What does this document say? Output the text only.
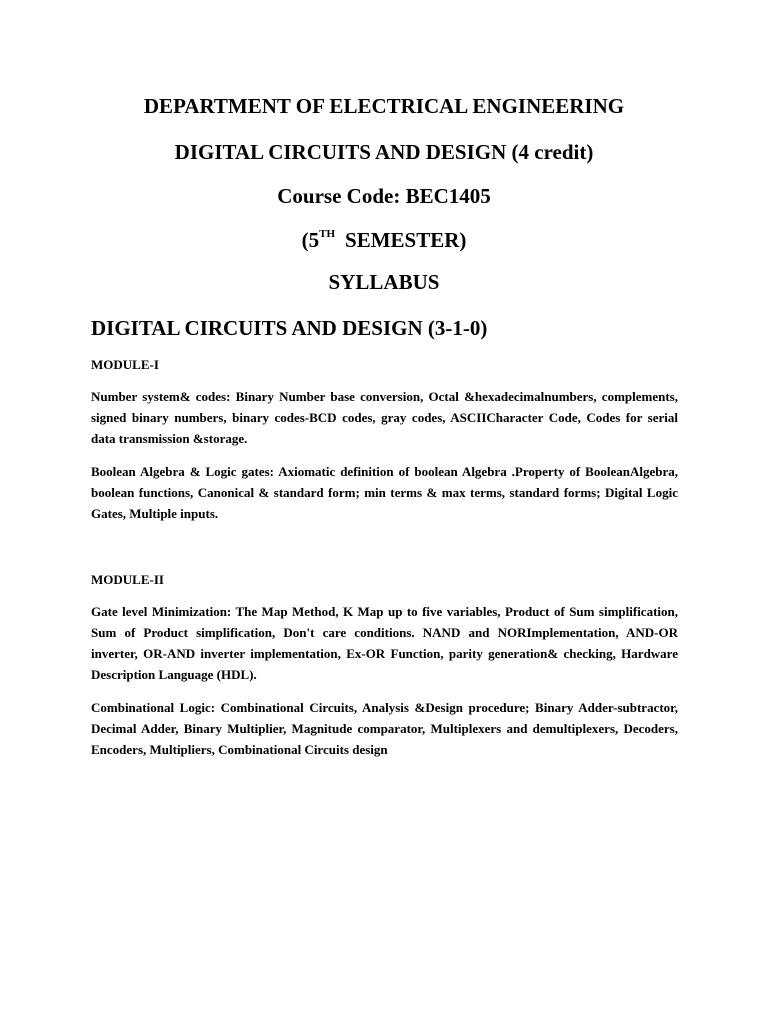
DEPARTMENT OF ELECTRICAL ENGINEERING
DIGITAL CIRCUITS AND DESIGN (4 credit)
Course Code: BEC1405
(5TH SEMESTER)
SYLLABUS
DIGITAL CIRCUITS AND DESIGN (3-1-0)
MODULE-I

Number system& codes: Binary Number base conversion, Octal &hexadecimalnumbers, complements, signed binary numbers, binary codes-BCD codes, gray codes, ASCIICharacter Code, Codes for serial data transmission &storage.

Boolean Algebra & Logic gates: Axiomatic definition of boolean Algebra .Property of BooleanAlgebra, boolean functions, Canonical & standard form; min terms & max terms, standard forms; Digital Logic Gates, Multiple inputs.

MODULE-II

Gate level Minimization: The Map Method, K Map up to five variables, Product of Sum simplification, Sum of Product simplification, Don't care conditions. NAND and NORImplementation, AND-OR inverter, OR-AND inverter implementation, Ex-OR Function, parity generation& checking, Hardware Description Language (HDL).

Combinational Logic: Combinational Circuits, Analysis &Design procedure; Binary Adder-subtractor, Decimal Adder, Binary Multiplier, Magnitude comparator, Multiplexers and demultiplexers, Decoders, Encoders, Multipliers, Combinational Circuits design
